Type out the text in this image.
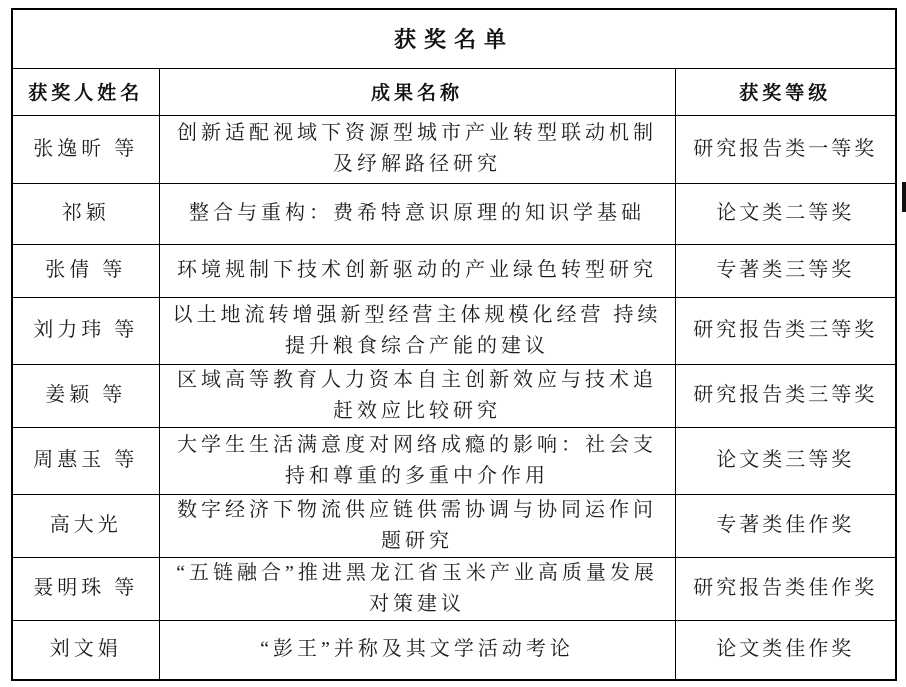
获奖名单		
获奖人姓名	成果名称	获奖等级
张逸昕 等	创新适配视域下资源型城市产业转型联动机制及纾解路径研究	研究报告类一等奖
祁颖	整合与重构：费希特意识原理的知识学基础	论文类二等奖
张倩 等	环境规制下技术创新驱动的产业绿色转型研究	专著类三等奖
刘力玮 等	以土地流转增强新型经营主体规模化经营 持续提升粮食综合产能的建议	研究报告类三等奖
姜颖 等	区域高等教育人力资本自主创新效应与技术追赶效应比较研究	研究报告类三等奖
周惠玉 等	大学生生活满意度对网络成瘾的影响：社会支持和尊重的多重中介作用	论文类三等奖
高大光	数字经济下物流供应链供需协调与协同运作问题研究	专著类佳作奖
聂明珠 等	“五链融合”推进黑龙江省玉米产业高质量发展对策建议	研究报告类佳作奖
刘文娟	“彭王”并称及其文学活动考论	论文类佳作奖
